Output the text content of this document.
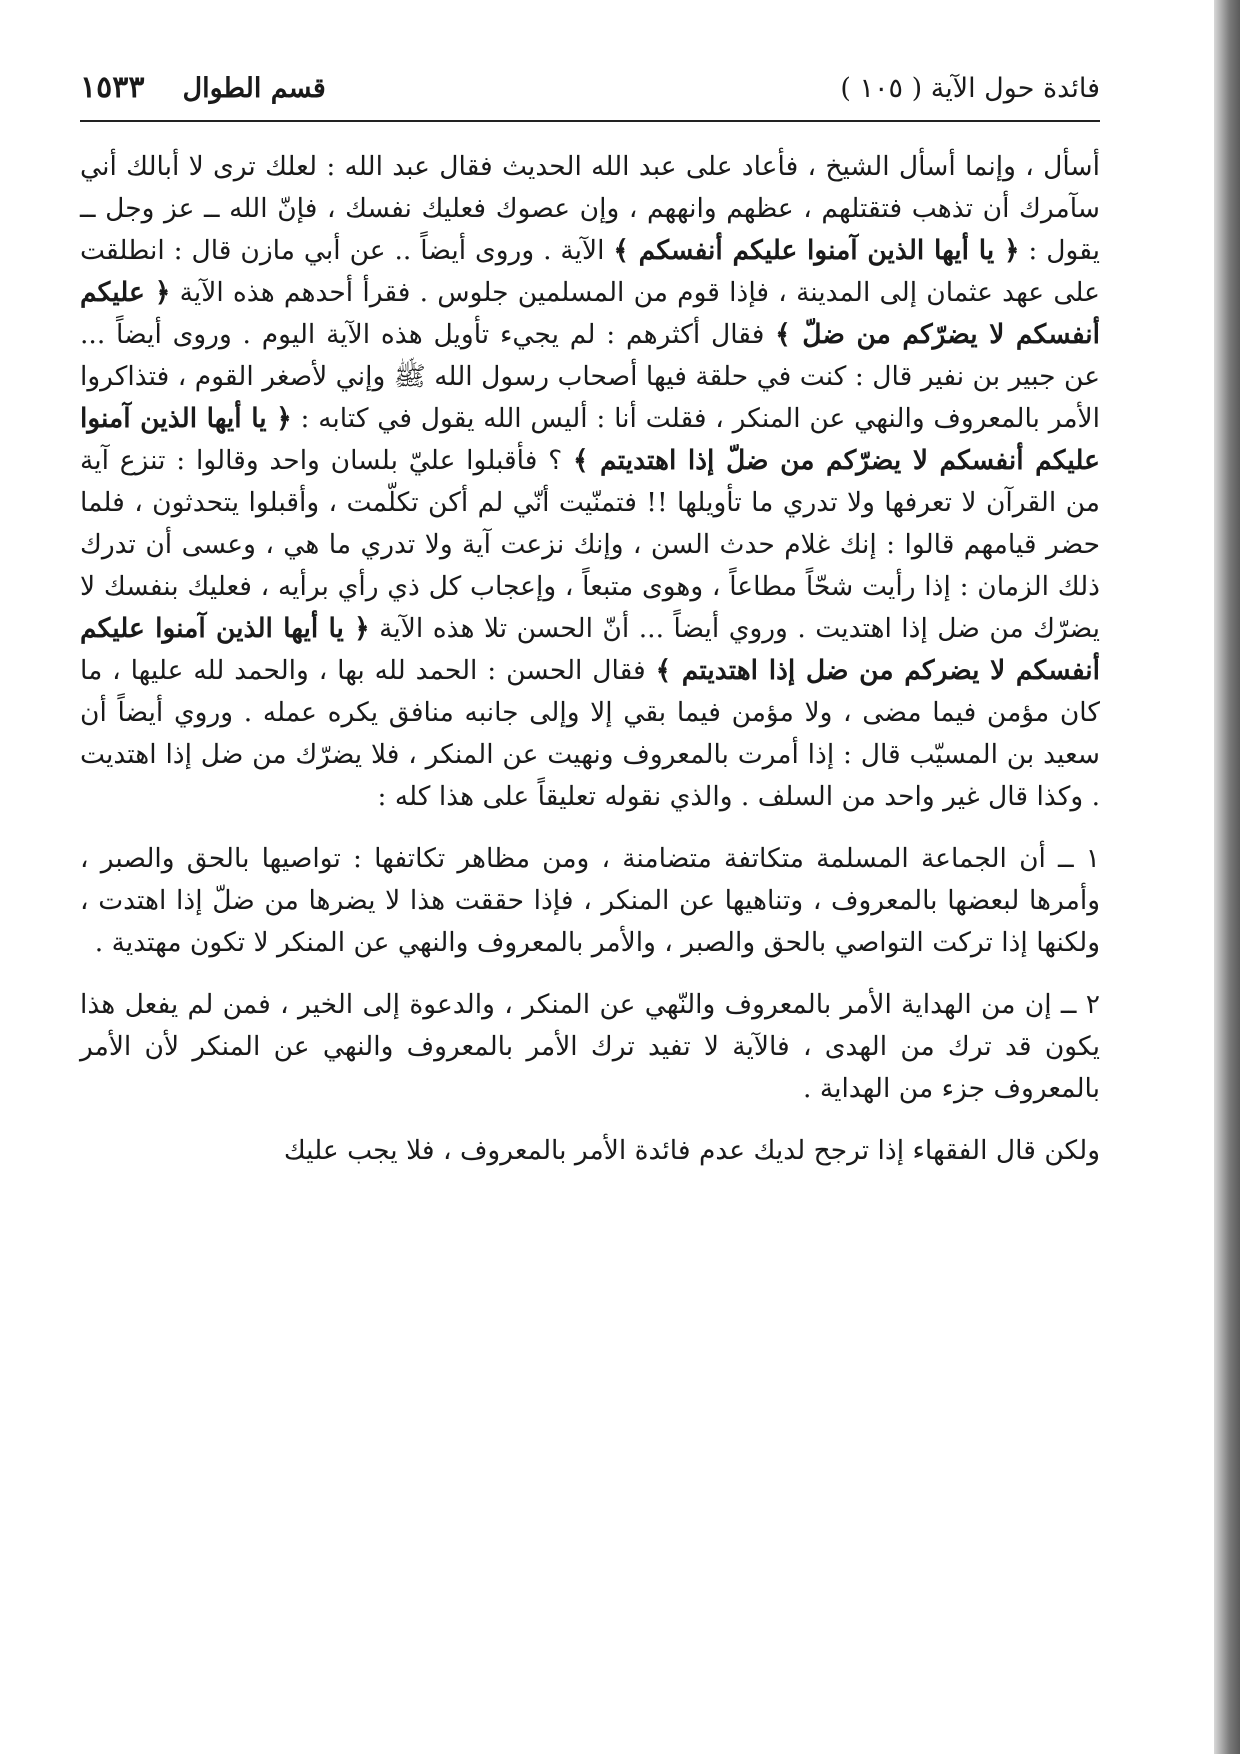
فائدة حول الآية ( ١٠٥ )
قسم الطوال
١٥٣٣

أسأل ، وإنما أسأل الشيخ ، فأعاد على عبد الله الحديث فقال عبد الله : لعلك ترى لا أبالك أني سآمرك أن تذهب فتقتلهم ، عظهم وانههم ، وإن عصوك فعليك نفسك ، فإنّ الله ــ عز وجل ــ يقول : ﴿ يا أيها الذين آمنوا عليكم أنفسكم ﴾ الآية . وروى أيضاً .. عن أبي مازن قال : انطلقت على عهد عثمان إلى المدينة ، فإذا قوم من المسلمين جلوس . فقرأ أحدهم هذه الآية ﴿ عليكم أنفسكم لا يضرّكم من ضلّ ﴾ فقال أكثرهم : لم يجيء تأويل هذه الآية اليوم . وروى أيضاً ... عن جبير بن نفير قال : كنت في حلقة فيها أصحاب رسول الله ﷺ وإني لأصغر القوم ، فتذاكروا الأمر بالمعروف والنهي عن المنكر ، فقلت أنا : أليس الله يقول في كتابه : ﴿ يا أيها الذين آمنوا عليكم أنفسكم لا يضرّكم من ضلّ إذا اهتديتم ﴾ ؟ فأقبلوا عليّ بلسان واحد وقالوا : تنزع آية من القرآن لا تعرفها ولا تدري ما تأويلها !! فتمنّيت أنّي لم أكن تكلّمت ، وأقبلوا يتحدثون ، فلما حضر قيامهم قالوا : إنك غلام حدث السن ، وإنك نزعت آية ولا تدري ما هي ، وعسى أن تدرك ذلك الزمان : إذا رأيت شحّاً مطاعاً ، وهوى متبعاً ، وإعجاب كل ذي رأي برأيه ، فعليك بنفسك لا يضرّك من ضل إذا اهتديت . وروي أيضاً ... أنّ الحسن تلا هذه الآية ﴿ يا أيها الذين آمنوا عليكم أنفسكم لا يضركم من ضل إذا اهتديتم ﴾ فقال الحسن : الحمد لله بها ، والحمد لله عليها ، ما كان مؤمن فيما مضى ، ولا مؤمن فيما بقي إلا وإلى جانبه منافق يكره عمله . وروي أيضاً أن سعيد بن المسيّب قال : إذا أمرت بالمعروف ونهيت عن المنكر ، فلا يضرّك من ضل إذا اهتديت . وكذا قال غير واحد من السلف . والذي نقوله تعليقاً على هذا كله :

١ ــ أن الجماعة المسلمة متكاتفة متضامنة ، ومن مظاهر تكاتفها : تواصيها بالحق والصبر ، وأمرها لبعضها بالمعروف ، وتناهيها عن المنكر ، فإذا حققت هذا لا يضرها من ضلّ إذا اهتدت ، ولكنها إذا تركت التواصي بالحق والصبر ، والأمر بالمعروف والنهي عن المنكر لا تكون مهتدية .

٢ ــ إن من الهداية الأمر بالمعروف والنّهي عن المنكر ، والدعوة إلى الخير ، فمن لم يفعل هذا يكون قد ترك من الهدى ، فالآية لا تفيد ترك الأمر بالمعروف والنهي عن المنكر لأن الأمر بالمعروف جزء من الهداية .

ولكن قال الفقهاء إذا ترجح لديك عدم فائدة الأمر بالمعروف ، فلا يجب عليك
